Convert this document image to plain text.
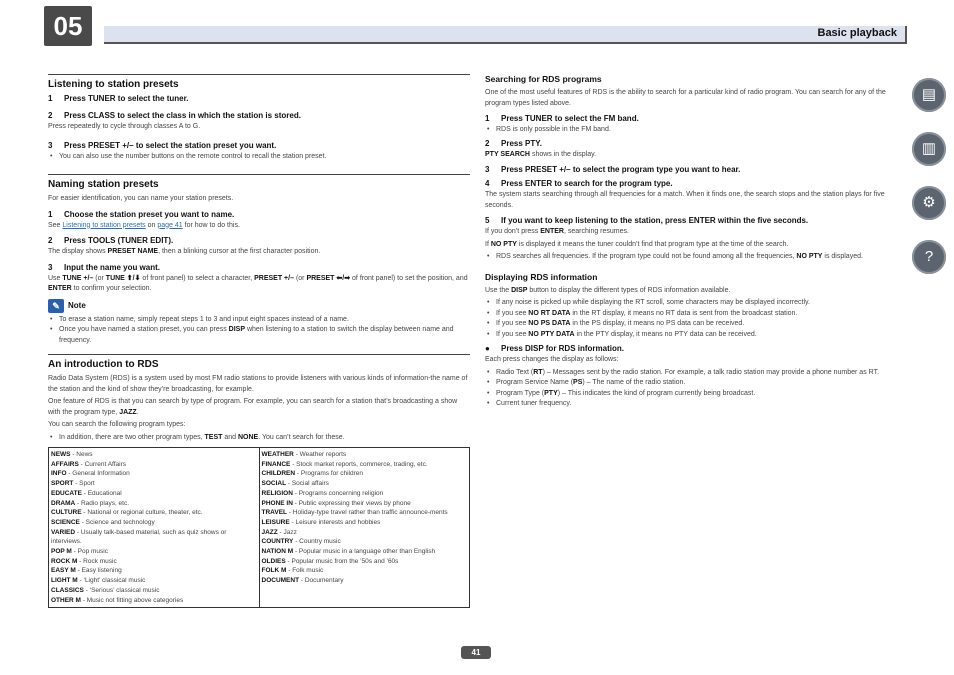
05	Basic playback
Listening to station presets
1	Press TUNER to select the tuner.
2	Press CLASS to select the class in which the station is stored.
Press repeatedly to cycle through classes A to G.
3	Press PRESET +/– to select the station preset you want.
• You can also use the number buttons on the remote control to recall the station preset.
Naming station presets
For easier identification, you can name your station presets.
1	Choose the station preset you want to name.
See Listening to station presets on page 41 for how to do this.
2	Press TOOLS (TUNER EDIT).
The display shows PRESET NAME, then a blinking cursor at the first character position.
3	Input the name you want.
Use TUNE +/– (or TUNE ⬆/⬇ of front panel) to select a character, PRESET +/– (or PRESET ⬅/➡ of front panel) to set the position, and ENTER to confirm your selection.
✎	Note
• To erase a station name, simply repeat steps 1 to 3 and input eight spaces instead of a name.
• Once you have named a station preset, you can press DISP when listening to a station to switch the display between name and frequency.
An introduction to RDS
Radio Data System (RDS) is a system used by most FM radio stations to provide listeners with various kinds of information-the name of the station and the kind of show they’re broadcasting, for example.
One feature of RDS is that you can search by type of program. For example, you can search for a station that’s broadcasting a show with the program type, JAZZ.
You can search the following program types:
• In addition, there are two other program types, TEST and NONE. You can’t search for these.
NEWS - News
AFFAIRS - Current Affairs
INFO - General Information
SPORT - Sport
EDUCATE - Educational
DRAMA - Radio plays, etc.
CULTURE - National or regional culture, theater, etc.
SCIENCE - Science and technology
VARIED - Usually talk-based material, such as quiz shows or interviews.
POP M - Pop music
ROCK M - Rock music
EASY M - Easy listening
LIGHT M - ‘Light’ classical music
CLASSICS - ‘Serious’ classical music
OTHER M - Music not fitting above categories

WEATHER - Weather reports
FINANCE - Stock market reports, commerce, trading, etc.
CHILDREN - Programs for children
SOCIAL - Social affairs
RELIGION - Programs concerning religion
PHONE IN - Public expressing their views by phone
TRAVEL - Holiday-type travel rather than traffic announce-ments
LEISURE - Leisure interests and hobbies
JAZZ - Jazz
COUNTRY - Country music
NATION M - Popular music in a language other than English
OLDIES - Popular music from the ’50s and ’60s
FOLK M - Folk music
DOCUMENT - Documentary
Searching for RDS programs
One of the most useful features of RDS is the ability to search for a particular kind of radio program. You can search for any of the program types listed above.
1	Press TUNER to select the FM band.
• RDS is only possible in the FM band.
2	Press PTY.
PTY SEARCH shows in the display.
3	Press PRESET +/– to select the program type you want to hear.
4	Press ENTER to search for the program type.
The system starts searching through all frequencies for a match. When it finds one, the search stops and the station plays for five seconds.
5	If you want to keep listening to the station, press ENTER within the five seconds.
If you don’t press ENTER, searching resumes.
If NO PTY is displayed it means the tuner couldn’t find that program type at the time of the search.
• RDS searches all frequencies. If the program type could not be found among all the frequencies, NO PTY is displayed.
Displaying RDS information
Use the DISP button to display the different types of RDS information available.
• If any noise is picked up while displaying the RT scroll, some characters may be displayed incorrectly.
• If you see NO RT DATA in the RT display, it means no RT data is sent from the broadcast station.
• If you see NO PS DATA in the PS display, it means no PS data can be received.
• If you see NO PTY DATA in the PTY display, it means no PTY data can be received.
●	Press DISP for RDS information.
Each press changes the display as follows:
• Radio Text (RT) – Messages sent by the radio station. For example, a talk radio station may provide a phone number as RT.
• Program Service Name (PS) – The name of the radio station.
• Program Type (PTY) – This indicates the kind of program currently being broadcast.
• Current tuner frequency.
▤
▥
⚙
?
41
